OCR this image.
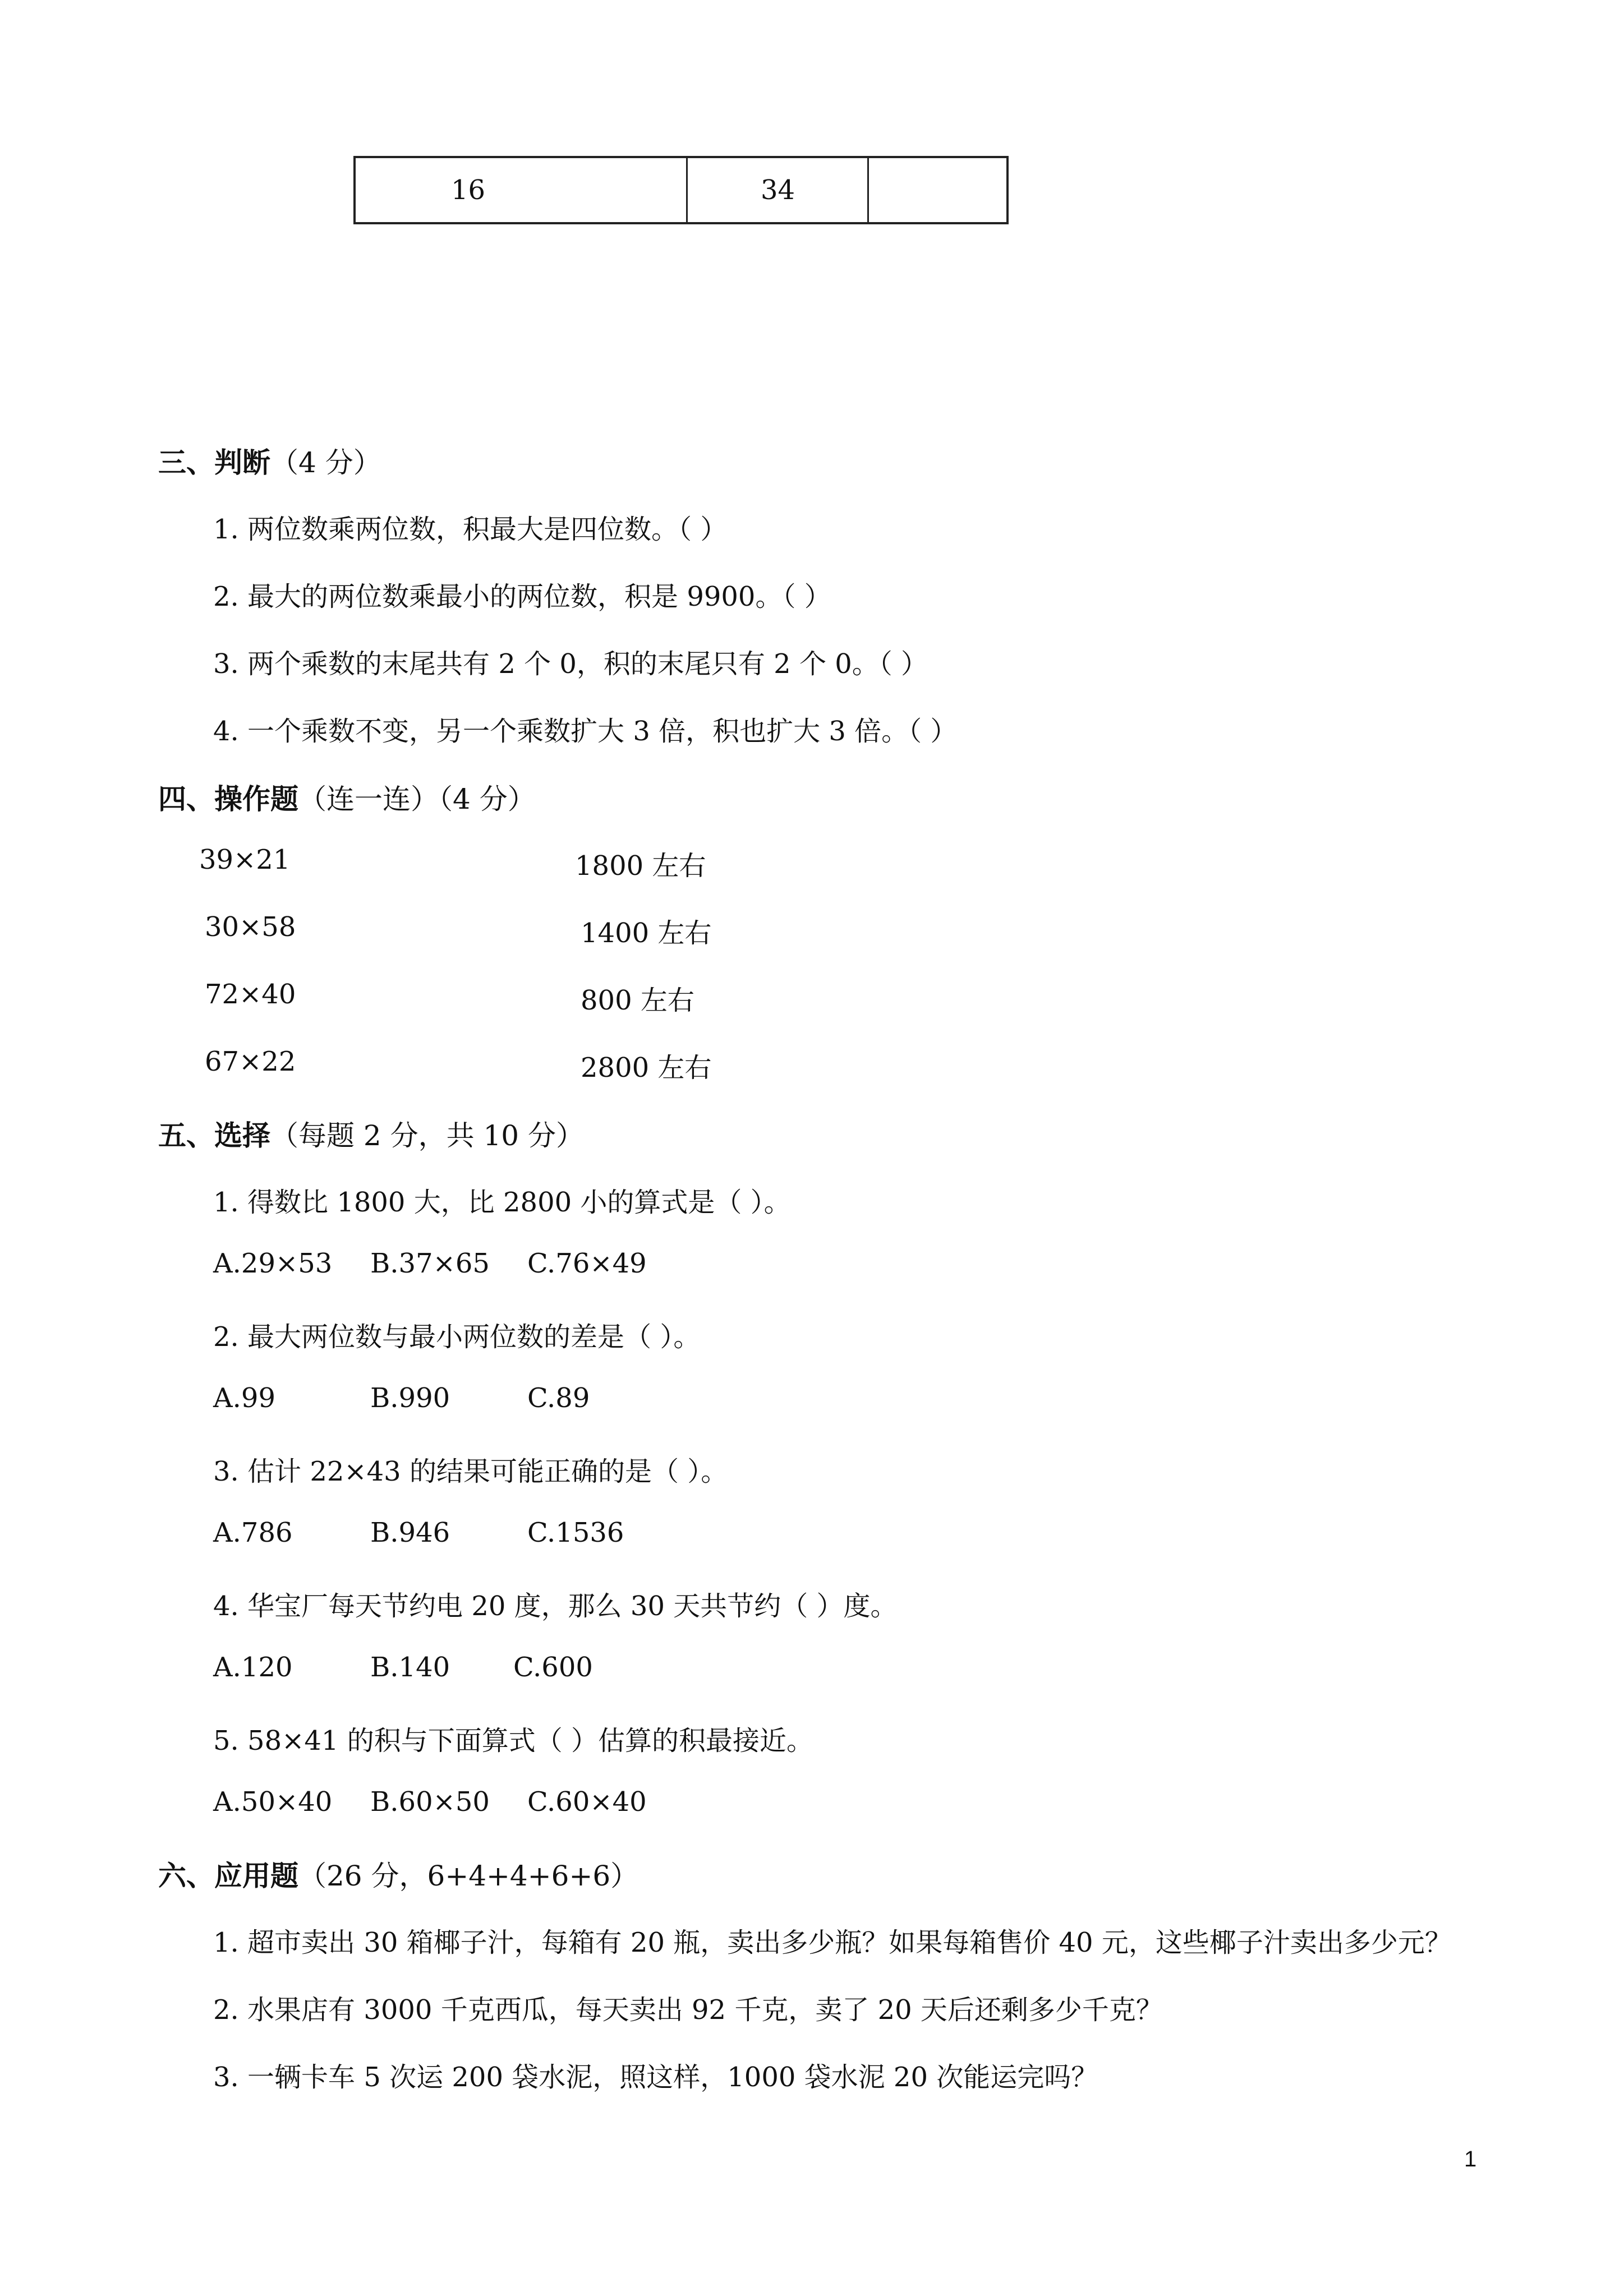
16	34
三、判断（4 分）
1. 两位数乘两位数，积最大是四位数。（ ）
2. 最大的两位数乘最小的两位数，积是 9900。（ ）
3. 两个乘数的末尾共有 2 个 0，积的末尾只有 2 个 0。（ ）
4. 一个乘数不变，另一个乘数扩大 3 倍，积也扩大 3 倍。（ ）
四、操作题（连一连）（4 分）
39×21	1800 左右
30×58	1400 左右
72×40	800 左右
67×22	2800 左右
五、选择（每题 2 分，共 10 分）
1. 得数比 1800 大，比 2800 小的算式是（ ）。
A.29×53 B.37×65 C.76×49
2. 最大两位数与最小两位数的差是（ ）。
A.99	B.990	C.89
3. 估计 22×43 的结果可能正确的是（ ）。
A.786	B.946	C.1536
4. 华宝厂每天节约电 20 度，那么 30 天共节约（ ）度。
A.120	B.140 C.600
5. 58×41 的积与下面算式（ ）估算的积最接近。
A.50×40 B.60×50 C.60×40
六、应用题（26 分，6+4+4+6+6）
1. 超市卖出 30 箱椰子汁，每箱有 20 瓶，卖出多少瓶？如果每箱售价 40 元，这些椰子汁卖出多少元？
2. 水果店有 3000 千克西瓜，每天卖出 92 千克，卖了 20 天后还剩多少千克？
3. 一辆卡车 5 次运 200 袋水泥，照这样，1000 袋水泥 20 次能运完吗？
1
